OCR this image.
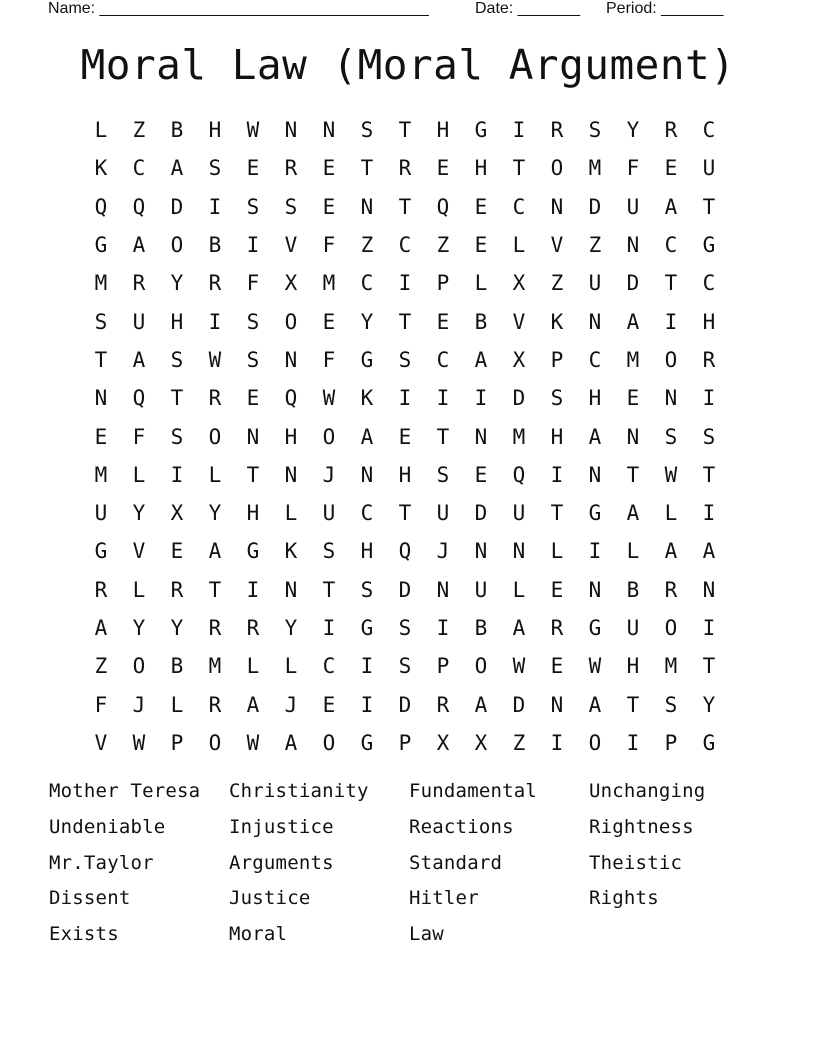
Name: _____________________________________	Date: _______ Period: _______
Moral Law (Moral Argument)
L	Z	B	H	W	N	N	S	T	H	G	I	R	S	Y	R	C
K	C	A	S	E	R	E	T	R	E	H	T	O	M	F	E	U
Q	Q	D	I	S	S	E	N	T	Q	E	C	N	D	U	A	T
G	A	O	B	I	V	F	Z	C	Z	E	L	V	Z	N	C	G
M	R	Y	R	F	X	M	C	I	P	L	X	Z	U	D	T	C
S	U	H	I	S	O	E	Y	T	E	B	V	K	N	A	I	H
T	A	S	W	S	N	F	G	S	C	A	X	P	C	M	O	R
N	Q	T	R	E	Q	W	K	I	I	I	D	S	H	E	N	I
E	F	S	O	N	H	O	A	E	T	N	M	H	A	N	S	S
M	L	I	L	T	N	J	N	H	S	E	Q	I	N	T	W	T
U	Y	X	Y	H	L	U	C	T	U	D	U	T	G	A	L	I
G	V	E	A	G	K	S	H	Q	J	N	N	L	I	L	A	A
R	L	R	T	I	N	T	S	D	N	U	L	E	N	B	R	N
A	Y	Y	R	R	Y	I	G	S	I	B	A	R	G	U	O	I
Z	O	B	M	L	L	C	I	S	P	O	W	E	W	H	M	T
F	J	L	R	A	J	E	I	D	R	A	D	N	A	T	S	Y
V	W	P	O	W	A	O	G	P	X	X	Z	I	O	I	P	G
Mother Teresa	Christianity	Fundamental	Unchanging
Undeniable	Injustice	Reactions	Rightness
Mr.Taylor	Arguments	Standard	Theistic
Dissent	Justice	Hitler	Rights
Exists	Moral	Law
